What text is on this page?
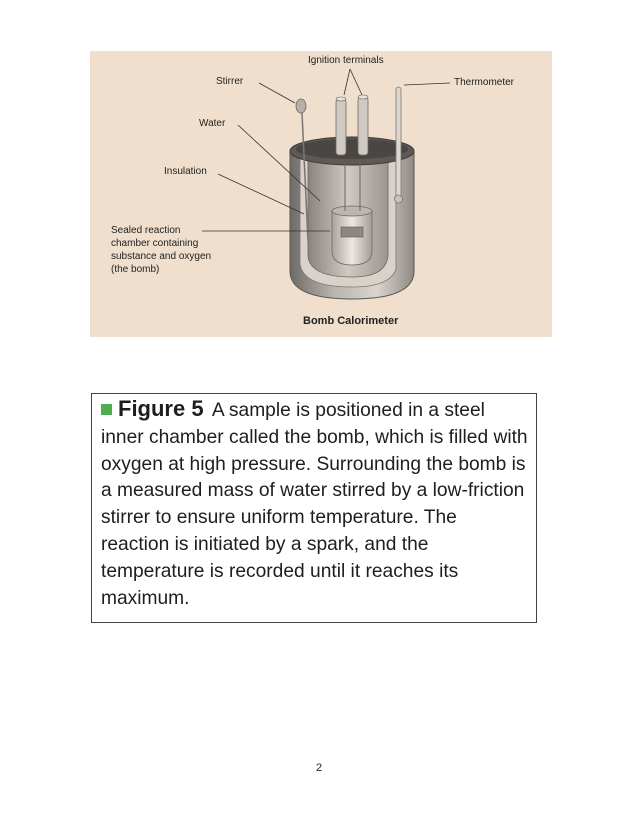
Ignition terminals
Stirrer	Thermometer
Water
Insulation
Sealed reaction
chamber containing
substance and oxygen
(the bomb)
Bomb Calorimeter

Figure 5 A sample is positioned in a steel inner chamber called the bomb, which is filled with oxygen at high pressure. Surrounding the bomb is a measured mass of water stirred by a low-friction stirrer to ensure uniform temperature. The reaction is initiated by a spark, and the temperature is recorded until it reaches its maximum.

2
